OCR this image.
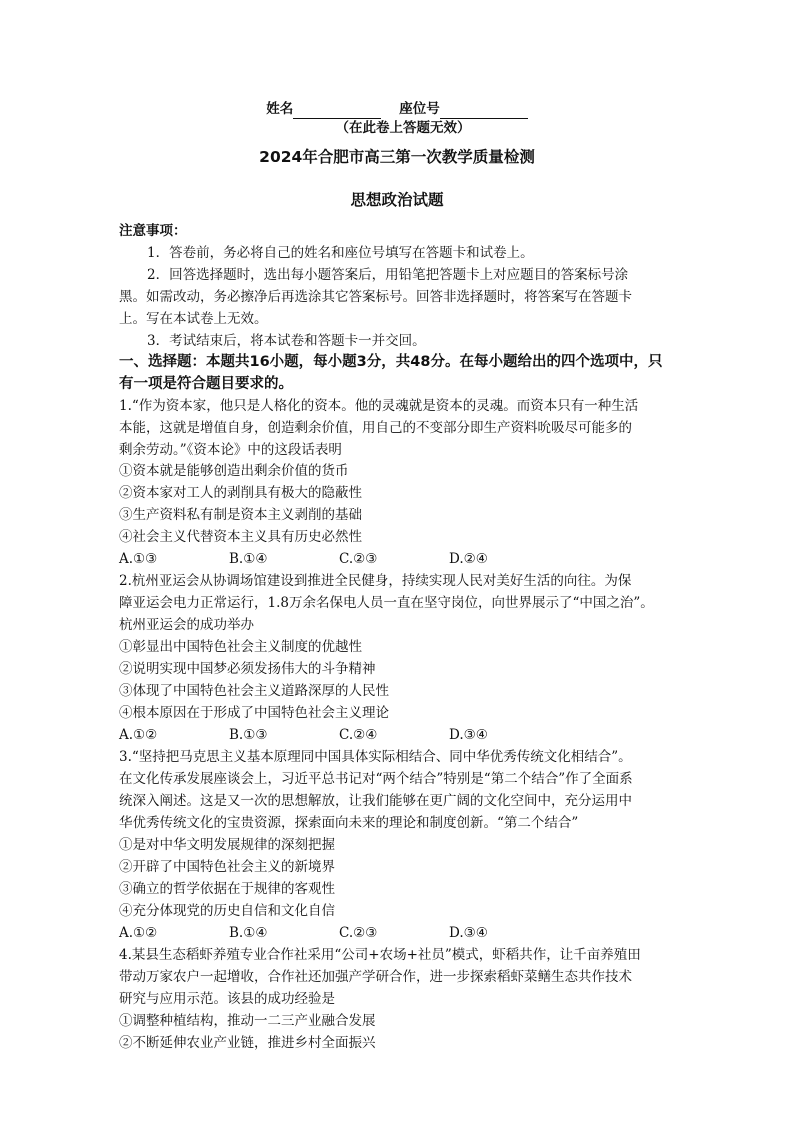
姓名	座位号
（在此卷上答题无效）
2024年合肥市高三第一次教学质量检测
思想政治试题
注意事项：
1．答卷前，务必将自己的姓名和座位号填写在答题卡和试卷上。
2．回答选择题时，选出每小题答案后，用铅笔把答题卡上对应题目的答案标号涂
黑。如需改动，务必擦净后再选涂其它答案标号。回答非选择题时，将答案写在答题卡
上。写在本试卷上无效。
3．考试结束后，将本试卷和答题卡一并交回。
一、选择题：本题共16小题，每小题3分，共48分。在每小题给出的四个选项中，只
有一项是符合题目要求的。
1.“作为资本家，他只是人格化的资本。他的灵魂就是资本的灵魂。而资本只有一种生活
本能，这就是增值自身，创造剩余价值，用自己的不变部分即生产资料吮吸尽可能多的
剩余劳动。”《资本论》中的这段话表明
①资本就是能够创造出剩余价值的货币
②资本家对工人的剥削具有极大的隐蔽性
③生产资料私有制是资本主义剥削的基础
④社会主义代替资本主义具有历史必然性
A.①③	B.①④	C.②③	D.②④
2.杭州亚运会从协调场馆建设到推进全民健身，持续实现人民对美好生活的向往。为保
障亚运会电力正常运行，1.8万余名保电人员一直在坚守岗位，向世界展示了“中国之治”。
杭州亚运会的成功举办
①彰显出中国特色社会主义制度的优越性
②说明实现中国梦必须发扬伟大的斗争精神
③体现了中国特色社会主义道路深厚的人民性
④根本原因在于形成了中国特色社会主义理论
A.①②	B.①③	C.②④	D.③④
3.“坚持把马克思主义基本原理同中国具体实际相结合、同中华优秀传统文化相结合”。
在文化传承发展座谈会上，习近平总书记对“两个结合”特别是“第二个结合”作了全面系
统深入阐述。这是又一次的思想解放，让我们能够在更广阔的文化空间中，充分运用中
华优秀传统文化的宝贵资源，探索面向未来的理论和制度创新。“第二个结合”
①是对中华文明发展规律的深刻把握
②开辟了中国特色社会主义的新境界
③确立的哲学依据在于规律的客观性
④充分体现党的历史自信和文化自信
A.①②	B.①④	C.②③	D.③④
4.某县生态稻虾养殖专业合作社采用“公司+农场+社员”模式，虾稻共作，让千亩养殖田
带动万家农户一起增收，合作社还加强产学研合作，进一步探索稻虾菜鳝生态共作技术
研究与应用示范。该县的成功经验是
①调整种植结构，推动一二三产业融合发展
②不断延伸农业产业链，推进乡村全面振兴
